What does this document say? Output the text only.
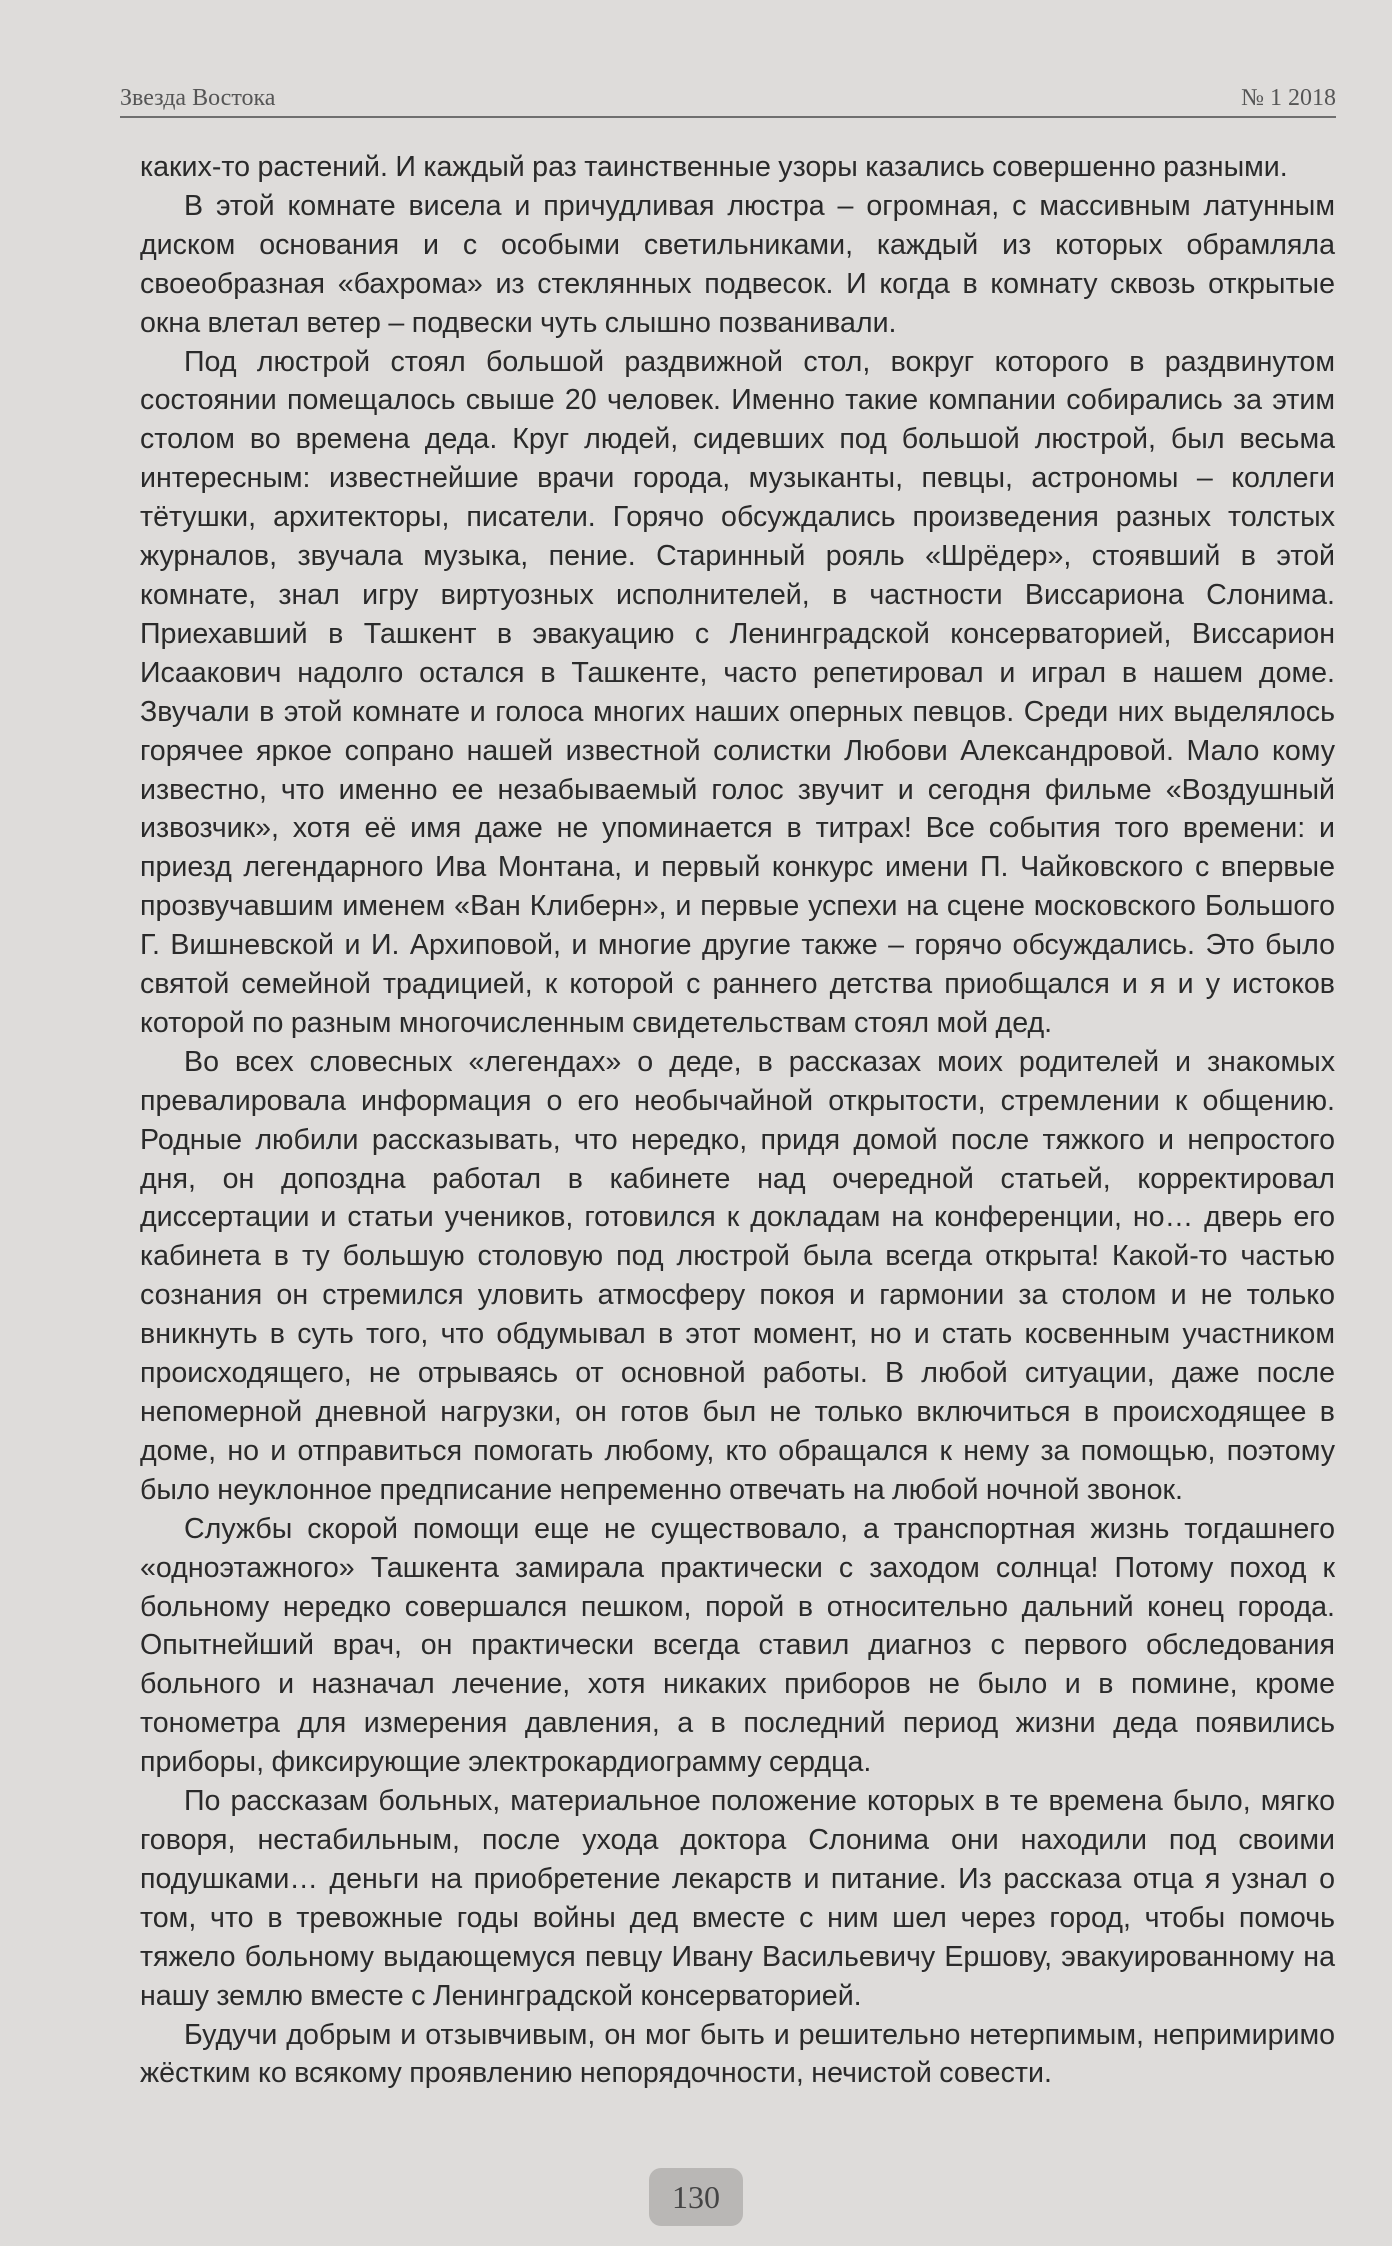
Звезда Востока	№ 1 2018

каких-то растений. И каждый раз таинственные узоры казались совершенно разными.

В этой комнате висела и причудливая люстра – огромная, с массивным латунным диском основания и с особыми светильниками, каждый из которых обрамляла своеобразная «бахрома» из стеклянных подвесок. И когда в комнату сквозь открытые окна влетал ветер – подвески чуть слышно позванивали.

Под люстрой стоял большой раздвижной стол, вокруг которого в раздвинутом состоянии помещалось свыше 20 человек. Именно такие компании собирались за этим столом во времена деда. Круг людей, сидевших под большой люстрой, был весьма интересным: известнейшие врачи города, музыканты, певцы, астрономы – коллеги тётушки, архитекторы, писатели. Горячо обсуждались произведения разных толстых журналов, звучала музыка, пение. Старинный рояль «Шрёдер», стоявший в этой комнате, знал игру виртуозных исполнителей, в частности Виссариона Слонима. Приехавший в Ташкент в эвакуацию с Ленинградской консерваторией, Виссарион Исаакович надолго остался в Ташкенте, часто репетировал и играл в нашем доме. Звучали в этой комнате и голоса многих наших оперных певцов. Среди них выделялось горячее яркое сопрано нашей известной солистки Любови Александровой. Мало кому известно, что именно ее незабываемый голос звучит и сегодня фильме «Воздушный извозчик», хотя её имя даже не упоминается в титрах! Все события того времени: и приезд легендарного Ива Монтана, и первый конкурс имени П. Чайковского с впервые прозвучавшим именем «Ван Клиберн», и первые успехи на сцене московского Большого Г. Вишневской и И. Архиповой, и многие другие также – горячо обсуждались. Это было святой семейной традицией, к которой с раннего детства приобщался и я и у истоков которой по разным многочисленным свидетельствам стоял мой дед.

Во всех словесных «легендах» о деде, в рассказах моих родителей и знакомых превалировала информация о его необычайной открытости, стремлении к общению. Родные любили рассказывать, что нередко, придя домой после тяжкого и непростого дня, он допоздна работал в кабинете над очередной статьей, корректировал диссертации и статьи учеников, готовился к докладам на конференции, но… дверь его кабинета в ту большую столовую под люстрой была всегда открыта! Какой-то частью сознания он стремился уловить атмосферу покоя и гармонии за столом и не только вникнуть в суть того, что обдумывал в этот момент, но и стать косвенным участником происходящего, не отрываясь от основной работы. В любой ситуации, даже после непомерной дневной нагрузки, он готов был не только включиться в происходящее в доме, но и отправиться помогать любому, кто обращался к нему за помощью, поэтому было неуклонное предписание непременно отвечать на любой ночной звонок.

Службы скорой помощи еще не существовало, а транспортная жизнь тогдашнего «одноэтажного» Ташкента замирала практически с заходом солнца! Потому поход к больному нередко совершался пешком, порой в относительно дальний конец города. Опытнейший врач, он практически всегда ставил диагноз с первого обследования больного и назначал лечение, хотя никаких приборов не было и в помине, кроме тонометра для измерения давления, а в последний период жизни деда появились приборы, фиксирующие электрокардиограмму сердца.

По рассказам больных, материальное положение которых в те времена было, мягко говоря, нестабильным, после ухода доктора Слонима они находили под своими подушками… деньги на приобретение лекарств и питание. Из рассказа отца я узнал о том, что в тревожные годы войны дед вместе с ним шел через город, чтобы помочь тяжело больному выдающемуся певцу Ивану Васильевичу Ершову, эвакуированному на нашу землю вместе с Ленинградской консерваторией.

Будучи добрым и отзывчивым, он мог быть и решительно нетерпимым, непримиримо жёстким ко всякому проявлению непорядочности, нечистой совести.

130
